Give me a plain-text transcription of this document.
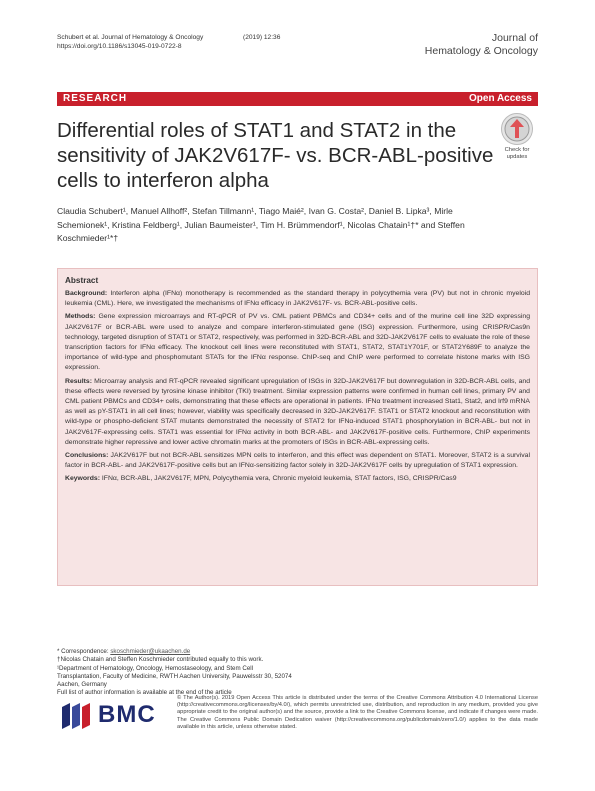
Schubert et al. Journal of Hematology & Oncology
https://doi.org/10.1186/s13045-019-0722-8
(2019) 12:36	Journal of
Hematology & Oncology
RESEARCH	Open Access
Differential roles of STAT1 and STAT2 in the sensitivity of JAK2V617F- vs. BCR-ABL-positive cells to interferon alpha
Check for
updates
Claudia Schubert¹, Manuel Allhoff², Stefan Tillmann¹, Tiago Maié², Ivan G. Costa², Daniel B. Lipka³, Mirle Schemionek¹, Kristina Feldberg¹, Julian Baumeister¹, Tim H. Brümmendorf¹, Nicolas Chatain¹†* and Steffen Koschmieder¹*†
Abstract

Background: Interferon alpha (IFNα) monotherapy is recommended as the standard therapy in polycythemia vera (PV) but not in chronic myeloid leukemia (CML). Here, we investigated the mechanisms of IFNα efficacy in JAK2V617F- vs. BCR-ABL-positive cells.

Methods: Gene expression microarrays and RT-qPCR of PV vs. CML patient PBMCs and CD34+ cells and of the murine cell line 32D expressing JAK2V617F or BCR-ABL were used to analyze and compare interferon-stimulated gene (ISG) expression. Furthermore, using CRISPR/Cas9n technology, targeted disruption of STAT1 or STAT2, respectively, was performed in 32D-BCR-ABL and 32D-JAK2V617F cells to evaluate the role of these transcription factors for IFNα efficacy. The knockout cell lines were reconstituted with STAT1, STAT2, STAT1Y701F, or STAT2Y689F to analyze the importance of wild-type and phosphomutant STATs for the IFNα response. ChIP-seq and ChIP were performed to correlate histone marks with ISG expression.

Results: Microarray analysis and RT-qPCR revealed significant upregulation of ISGs in 32D-JAK2V617F but downregulation in 32D-BCR-ABL cells, and these effects were reversed by tyrosine kinase inhibitor (TKI) treatment. Similar expression patterns were confirmed in human cell lines, primary PV and CML patient PBMCs and CD34+ cells, demonstrating that these effects are operational in patients. IFNα treatment increased Stat1, Stat2, and Irf9 mRNA as well as pY-STAT1 in all cell lines; however, viability was specifically decreased in 32D-JAK2V617F. STAT1 or STAT2 knockout and reconstitution with wild-type or phospho-deficient STAT mutants demonstrated the necessity of STAT2 for IFNα-induced STAT1 phosphorylation in BCR-ABL- but not in JAK2V617F-expressing cells. STAT1 was essential for IFNα activity in both BCR-ABL- and JAK2V617F-positive cells. Furthermore, ChIP experiments demonstrate higher repressive and lower active chromatin marks at the promoters of ISGs in BCR-ABL-expressing cells.

Conclusions: JAK2V617F but not BCR-ABL sensitizes MPN cells to interferon, and this effect was dependent on STAT1. Moreover, STAT2 is a survival factor in BCR-ABL- and JAK2V617F-positive cells but an IFNα-sensitizing factor solely in 32D-JAK2V617F cells by upregulation of STAT1 expression.

Keywords: IFNα, BCR-ABL, JAK2V617F, MPN, Polycythemia vera, Chronic myeloid leukemia, STAT factors, ISG, CRISPR/Cas9

* Correspondence: skoschmieder@ukaachen.de
†Nicolas Chatain and Steffen Koschmieder contributed equally to this work.
¹Department of Hematology, Oncology, Hemostaseology, and Stem Cell Transplantation, Faculty of Medicine, RWTH Aachen University, Pauwelsstr 30, 52074 Aachen, Germany
Full list of author information is available at the end of the article
BMC
© The Author(s). 2019 Open Access This article is distributed under the terms of the Creative Commons Attribution 4.0 International License (http://creativecommons.org/licenses/by/4.0/), which permits unrestricted use, distribution, and reproduction in any medium, provided you give appropriate credit to the original author(s) and the source, provide a link to the Creative Commons license, and indicate if changes were made. The Creative Commons Public Domain Dedication waiver (http://creativecommons.org/publicdomain/zero/1.0/) applies to the data made available in this article, unless otherwise stated.
